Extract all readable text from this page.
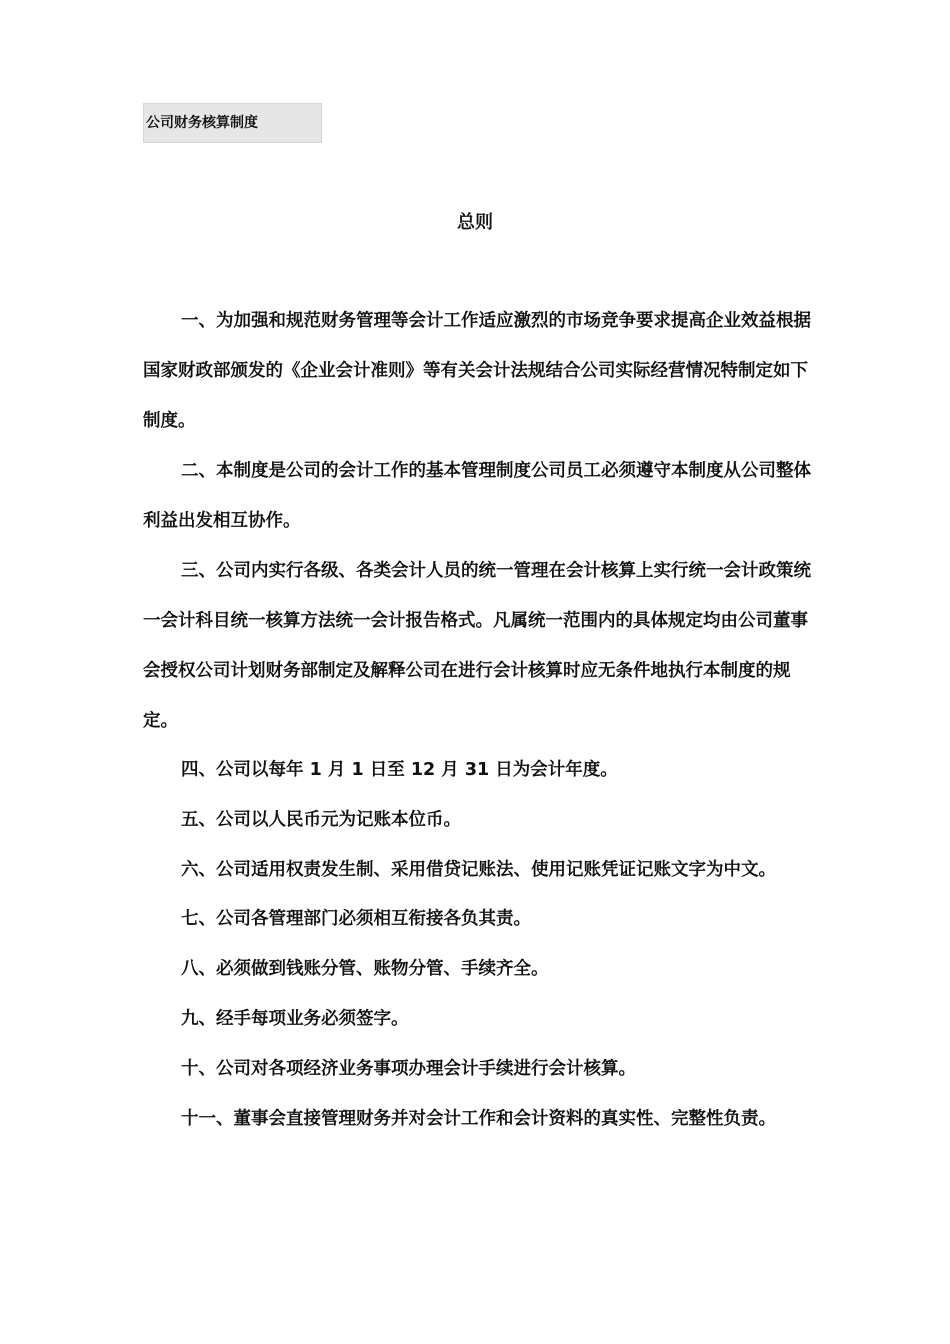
公司财务核算制度
总则

一、为加强和规范财务管理等会计工作适应激烈的市场竞争要求提高企业效益根据国家财政部颁发的《企业会计准则》等有关会计法规结合公司实际经营情况特制定如下制度。

二、本制度是公司的会计工作的基本管理制度公司员工必须遵守本制度从公司整体利益出发相互协作。

三、公司内实行各级、各类会计人员的统一管理在会计核算上实行统一会计政策统一会计科目统一核算方法统一会计报告格式。凡属统一范围内的具体规定均由公司董事会授权公司计划财务部制定及解释公司在进行会计核算时应无条件地执行本制度的规定。

四、公司以每年 1 月 1 日至 12 月 31 日为会计年度。

五、公司以人民币元为记账本位币。

六、公司适用权责发生制、采用借贷记账法、使用记账凭证记账文字为中文。

七、公司各管理部门必须相互衔接各负其责。

八、必须做到钱账分管、账物分管、手续齐全。

九、经手每项业务必须签字。

十、公司对各项经济业务事项办理会计手续进行会计核算。

十一、董事会直接管理财务并对会计工作和会计资料的真实性、完整性负责。
